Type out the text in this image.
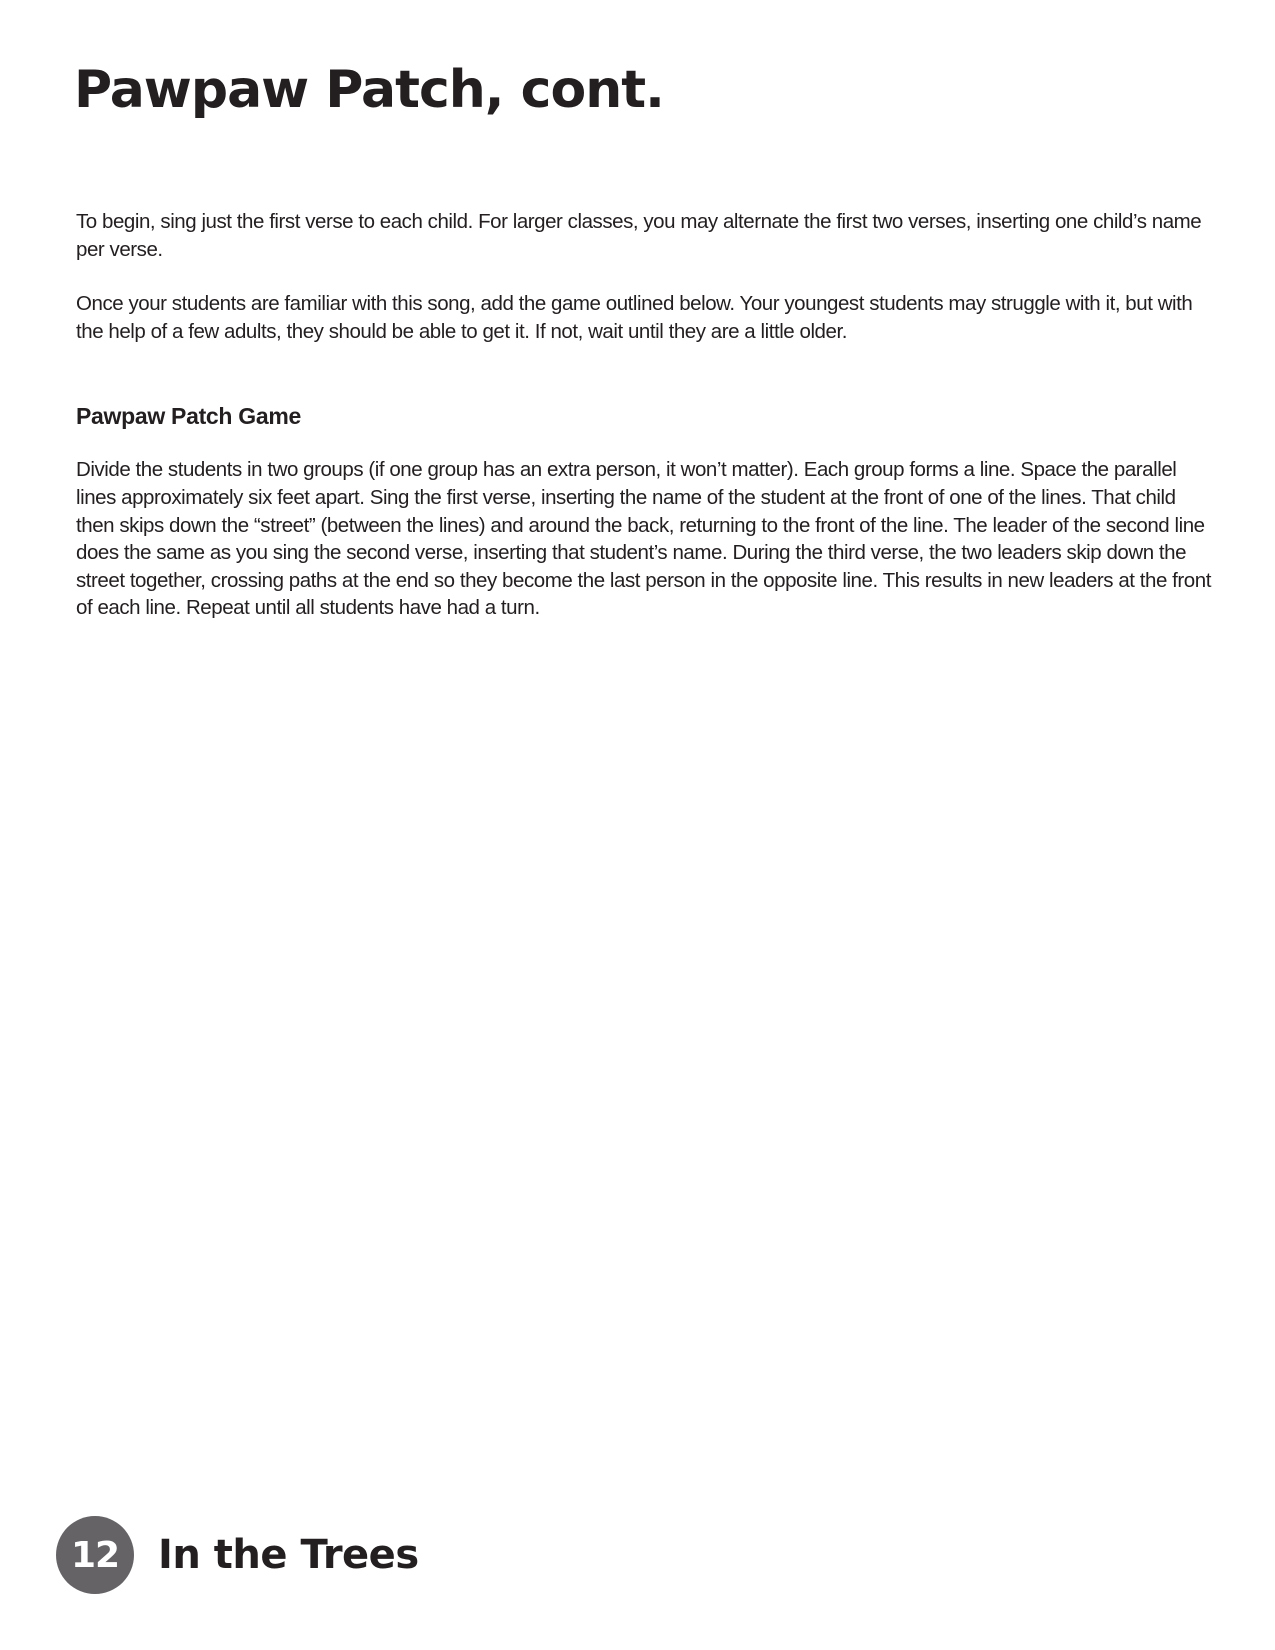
Pawpaw Patch, cont.

To begin, sing just the first verse to each child. For larger classes, you may alternate the first two verses, inserting one child’s name per verse.

Once your students are familiar with this song, add the game outlined below. Your youngest students may struggle with it, but with the help of a few adults, they should be able to get it. If not, wait until they are a little older.

Pawpaw Patch Game

Divide the students in two groups (if one group has an extra person, it won’t matter). Each group forms a line. Space the parallel lines approximately six feet apart. Sing the first verse, inserting the name of the student at the front of one of the lines. That child then skips down the “street” (between the lines) and around the back, returning to the front of the line. The leader of the second line does the same as you sing the second verse, inserting that student’s name. During the third verse, the two leaders skip down the street together, crossing paths at the end so they become the last person in the opposite line. This results in new leaders at the front of each line. Repeat until all students have had a turn.

12 In the Trees
